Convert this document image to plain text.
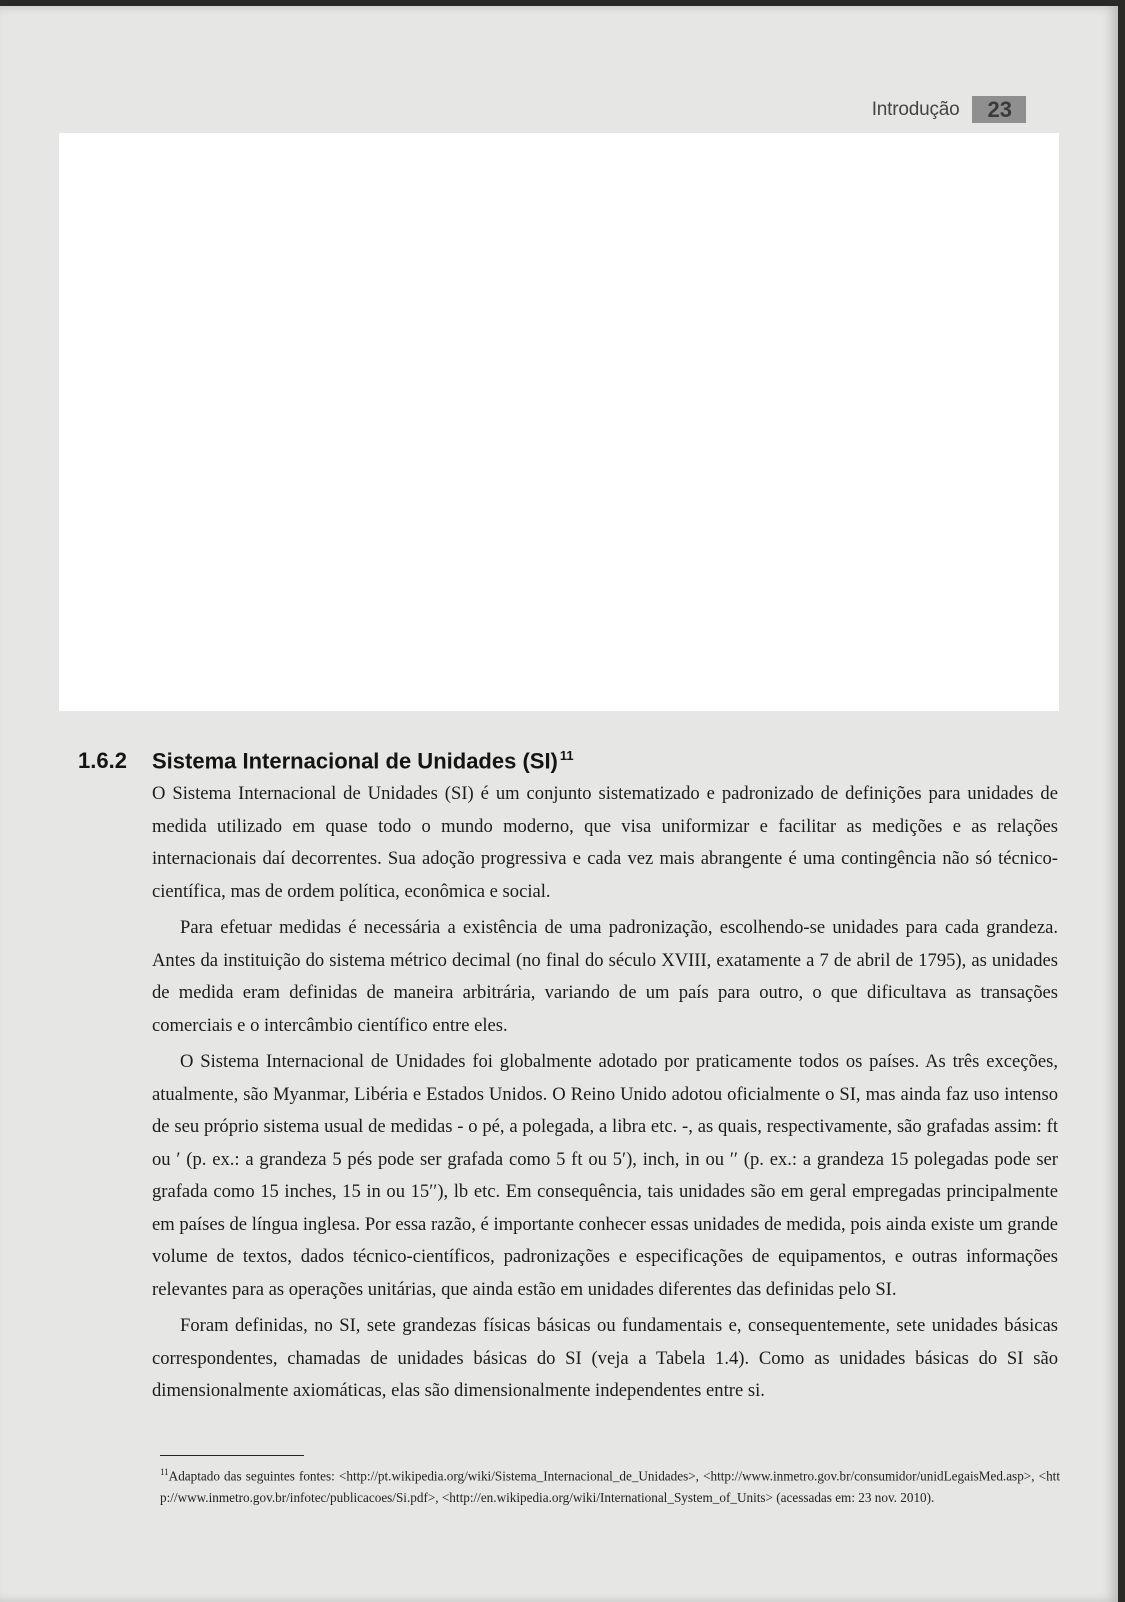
Introdução	23
1.6.2	Sistema Internacional de Unidades (SI) $^{11}$

O Sistema Internacional de Unidades (SI) é um conjunto sistematizado e padronizado de definições para unidades de medida utilizado em quase todo o mundo moderno, que visa uniformizar e facilitar as medições e as relações internacionais daí decorrentes. Sua adoção progressiva e cada vez mais abrangente é uma contingência não só técnico-científica, mas de ordem política, econômica e social.

Para efetuar medidas é necessária a existência de uma padronização, escolhendo-se unidades para cada grandeza. Antes da instituição do sistema métrico decimal (no final do século XVIII, exatamente a 7 de abril de 1795), as unidades de medida eram definidas de maneira arbitrária, variando de um país para outro, o que dificultava as transações comerciais e o intercâmbio científico entre eles.

O Sistema Internacional de Unidades foi globalmente adotado por praticamente todos os países. As três exceções, atualmente, são Myanmar, Libéria e Estados Unidos. O Reino Unido adotou oficialmente o SI, mas ainda faz uso intenso de seu próprio sistema usual de medidas - o pé, a polegada, a libra etc. -, as quais, respectivamente, são grafadas assim: ft ou ′ (p. ex.: a grandeza 5 pés pode ser grafada como 5 ft ou 5′), inch, in ou ′′ (p. ex.: a grandeza 15 polegadas pode ser grafada como 15 inches, 15 in ou 15′′), lb etc. Em consequência, tais unidades são em geral empregadas principalmente em países de língua inglesa. Por essa razão, é importante conhecer essas unidades de medida, pois ainda existe um grande volume de textos, dados técnico-científicos, padronizações e especificações de equipamentos, e outras informações relevantes para as operações unitárias, que ainda estão em unidades diferentes das definidas pelo SI.

Foram definidas, no SI, sete grandezas físicas básicas ou fundamentais e, consequentemente, sete unidades básicas correspondentes, chamadas de unidades básicas do SI (veja a Tabela 1.4). Como as unidades básicas do SI são dimensionalmente axiomáticas, elas são dimensionalmente independentes entre si.

$^{11}$Adaptado das seguintes fontes: <http://pt.wikipedia.org/wiki/Sistema_Internacional_de_Unidades>, <http://www.inmetro.gov.br/consumidor/unidLegaisMed.asp>, <http://www.inmetro.gov.br/infotec/publicacoes/Si.pdf>, <http://en.wikipedia.org/wiki/International_System_of_Units> (acessadas em: 23 nov. 2010).
